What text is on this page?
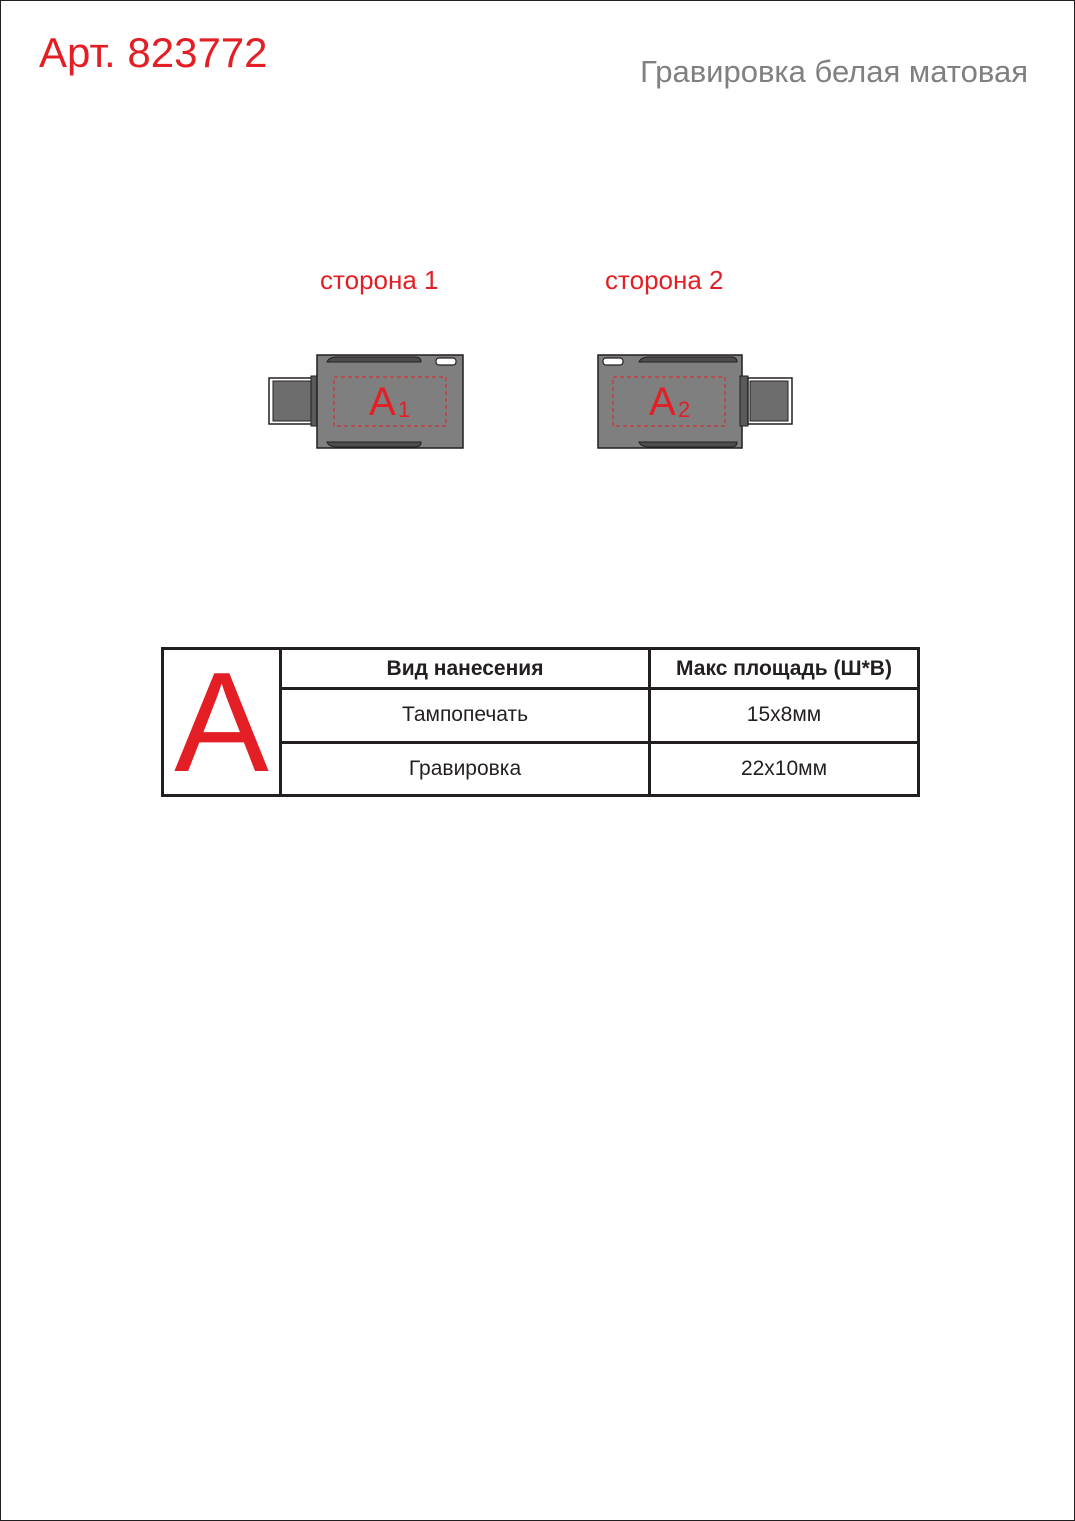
Арт. 823772	Гравировка белая матовая
сторона 1	сторона 2
A 1	A 2
А	Вид нанесения	Макс площадь (Ш*В)
	Тампопечать	15х8мм
	Гравировка	22х10мм
